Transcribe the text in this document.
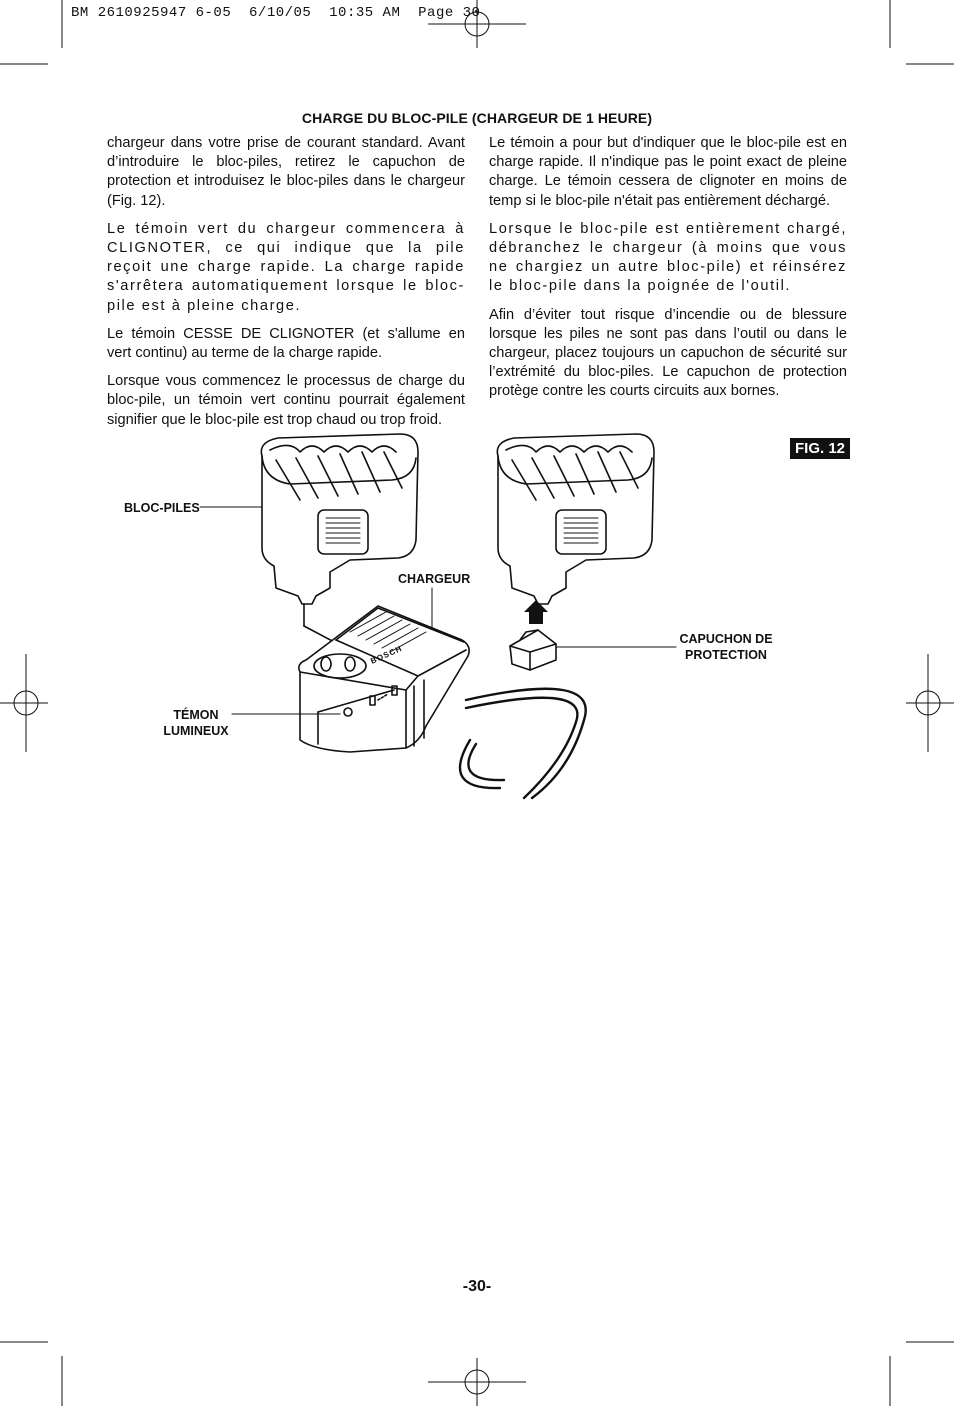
BM 2610925947 6-05  6/10/05  10:35 AM  Page 30
CHARGE DU BLOC-PILE (CHARGEUR DE 1 HEURE)

chargeur dans votre prise de courant standard. Avant d’introduire le bloc-piles, retirez le capuchon de protection et introduisez le bloc-piles dans le chargeur (Fig. 12).

Le témoin vert du chargeur commencera à CLIGNOTER, ce qui indique que la pile reçoit une charge rapide. La charge rapide s'arrêtera automatiquement lorsque le bloc-pile est à pleine charge.

Le témoin CESSE DE CLIGNOTER (et s'allume en vert continu) au terme de la charge rapide.

Lorsque vous commencez le processus de charge du bloc-pile, un témoin vert continu pourrait également signifier que le bloc-pile est trop chaud ou trop froid.

Le témoin a pour but d'indiquer que le bloc-pile est en charge rapide. Il n'indique pas le point exact de pleine charge. Le témoin cessera de clignoter en moins de temp si le bloc-pile n'était pas entièrement déchargé.

Lorsque le bloc-pile est entièrement chargé, débranchez le chargeur (à moins que vous ne chargiez un autre bloc-pile) et réinsérez le bloc-pile dans la poignée de l'outil.

Afin d’éviter tout risque d’incendie ou de blessure lorsque les piles ne sont pas dans l’outil ou dans le chargeur, placez toujours un capuchon de sécurité sur l’extrémité du bloc-piles. Le capuchon de protection protège contre les courts circuits aux bornes.

BOSCH
FIG. 12
BLOC-PILES
CHARGEUR
CAPUCHON DE
PROTECTION
TÉMON
LUMINEUX
-30-
